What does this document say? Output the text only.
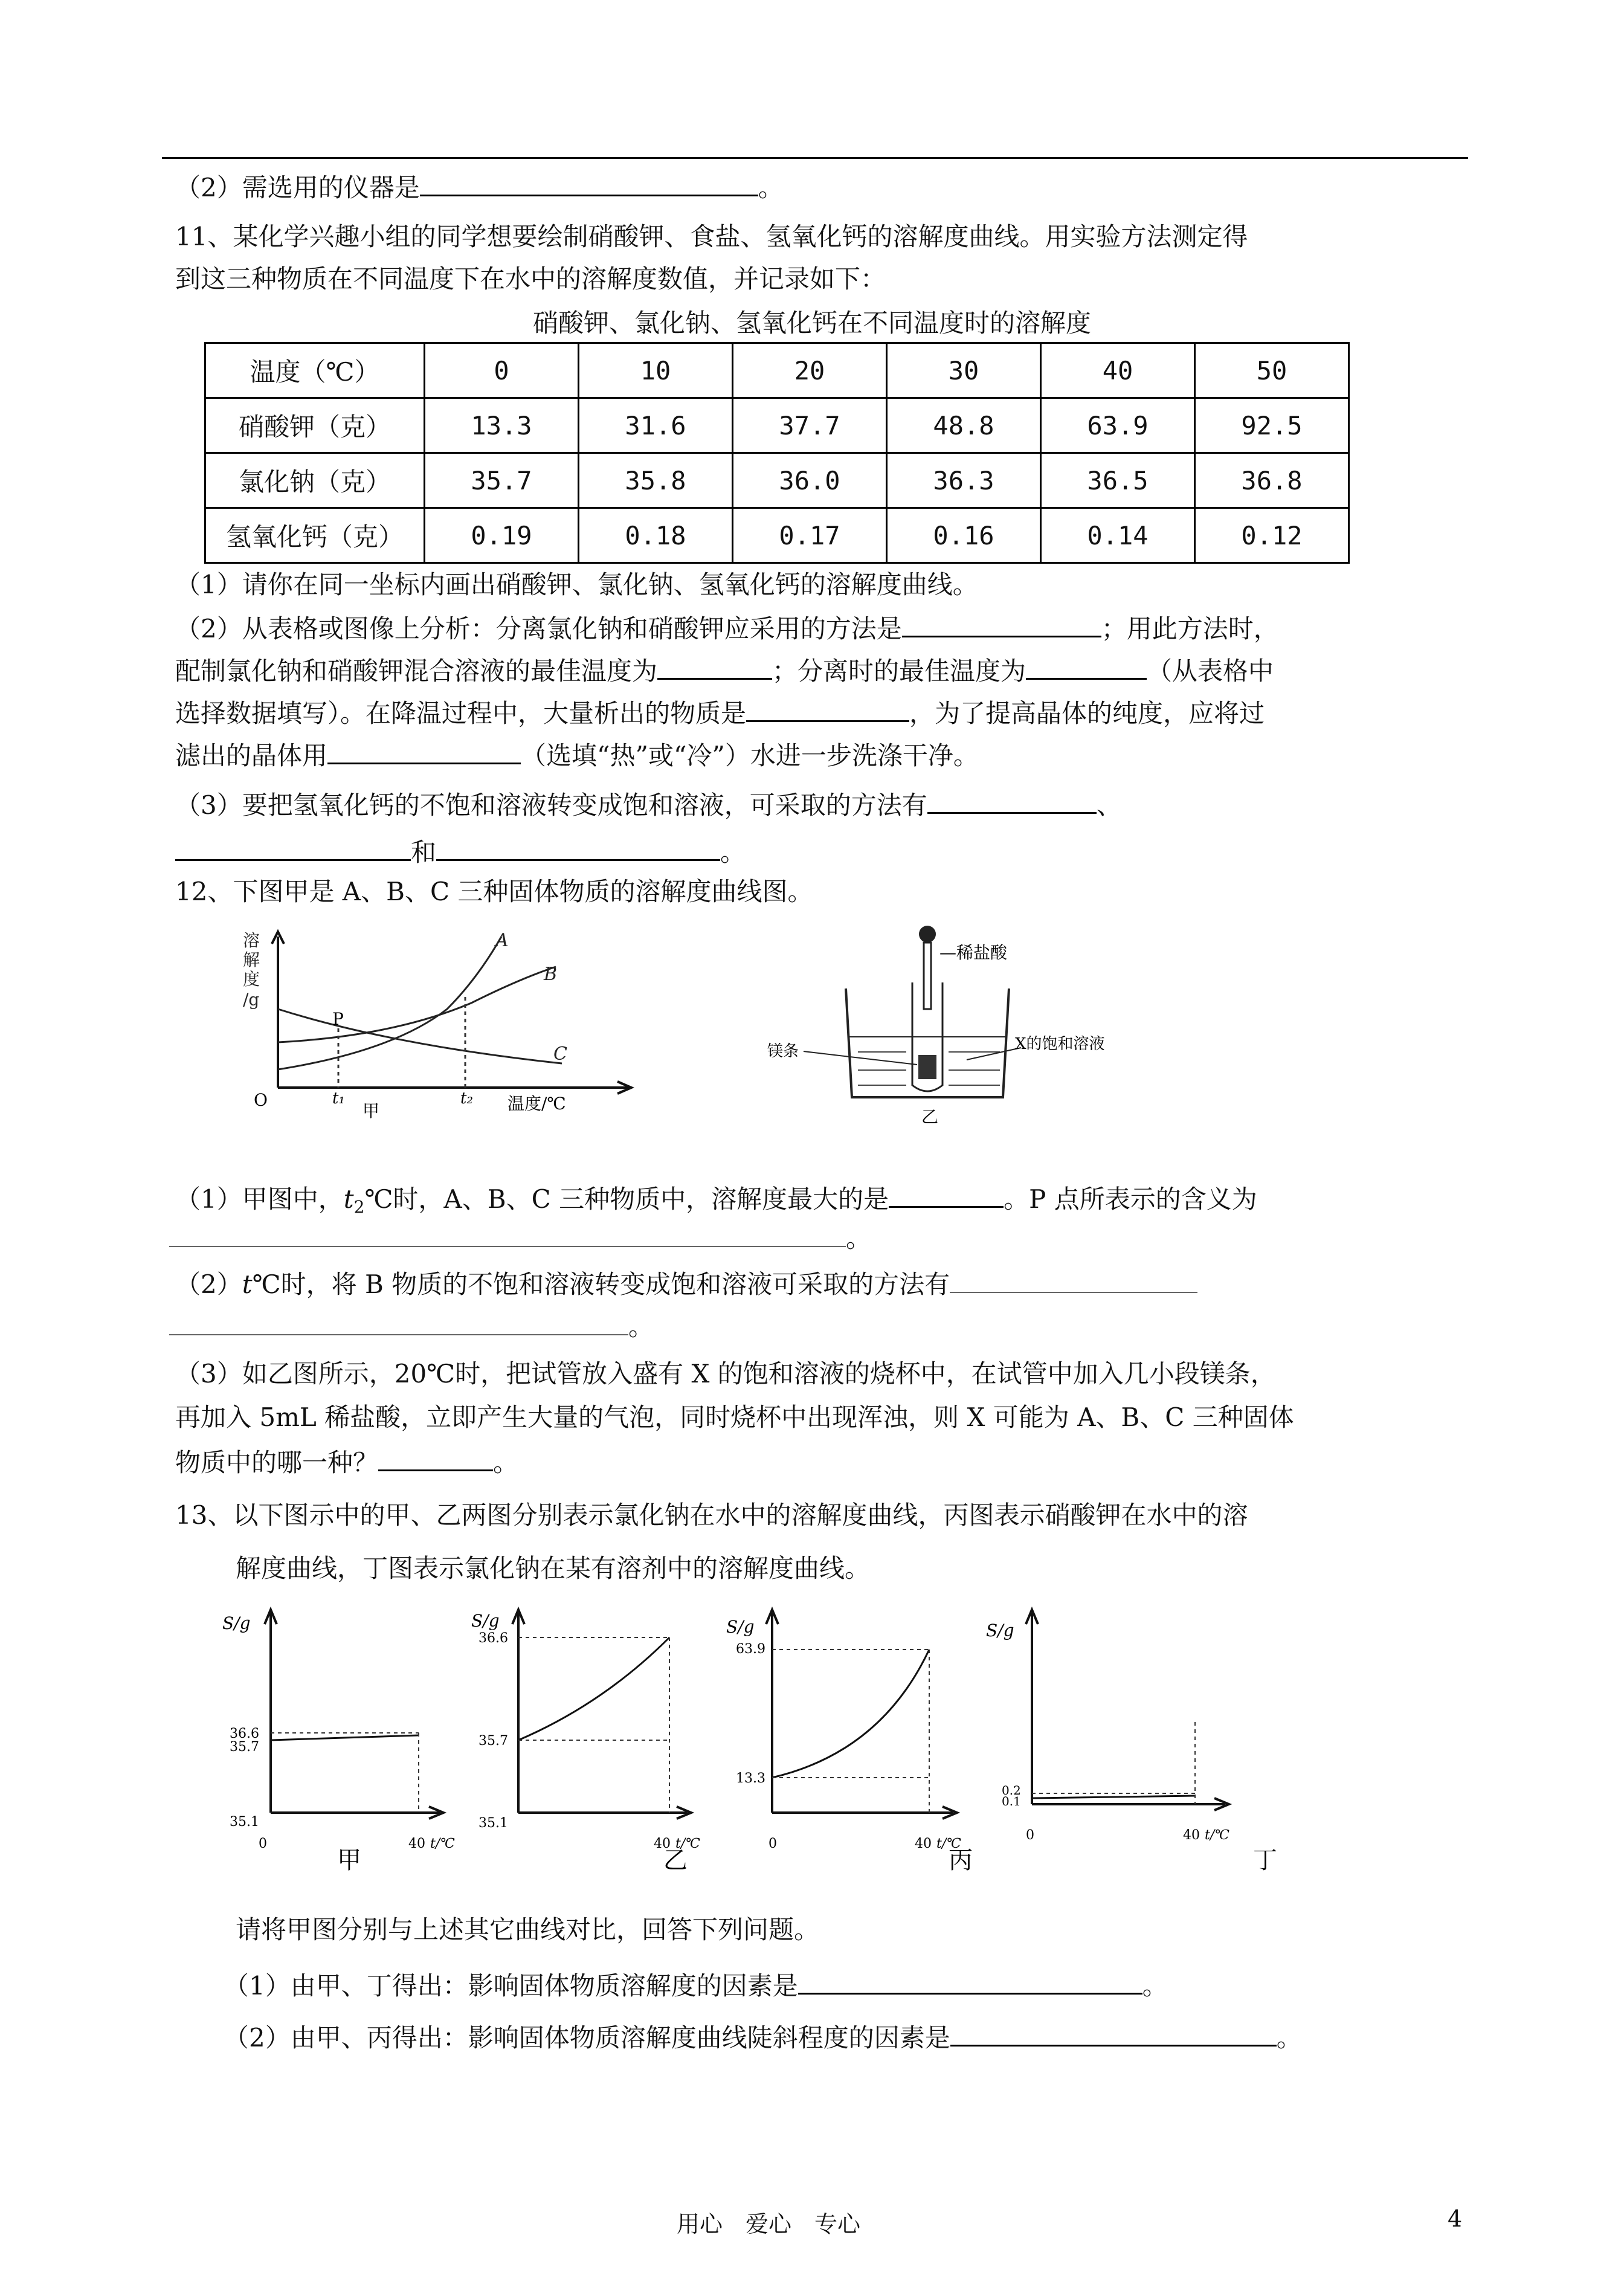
（2）需选用的仪器是	。
11、某化学兴趣小组的同学想要绘制硝酸钾、食盐、氢氧化钙的溶解度曲线。用实验方法测定得
到这三种物质在不同温度下在水中的溶解度数值，并记录如下：
硝酸钾、氯化钠、氢氧化钙在不同温度时的溶解度
温度（℃）	0	10	20	30	40	50
硝酸钾（克）	13.3	31.6	37.7	48.8	63.9	92.5
氯化钠（克）	35.7	35.8	36.0	36.3	36.5	36.8
氢氧化钙（克）	0.19	0.18	0.17	0.16	0.14	0.12
（1）请你在同一坐标内画出硝酸钾、氯化钠、氢氧化钙的溶解度曲线。
（2）从表格或图像上分析：分离氯化钠和硝酸钾应采用的方法是	；用此方法时，
配制氯化钠和硝酸钾混合溶液的最佳温度为	；分离时的最佳温度为	（从表格中
选择数据填写）。在降温过程中，大量析出的物质是	，为了提高晶体的纯度，应将过
滤出的晶体用	（选填“热”或“冷”）水进一步洗涤干净。
（3）要把氢氧化钙的不饱和溶液转变成饱和溶液，可采取的方法有	、
和	。
12、下图甲是 A、B、C 三种固体物质的溶解度曲线图。
溶
解
度
/g
A
B
C
P
O	t₁	t₂ 温度/℃
甲
—稀盐酸
镁条	X的饱和溶液
乙
（1）甲图中，$t_2℃$时，A、B、C 三种物质中，溶解度最大的是	。P 点所表示的含义为
。
（2）t℃时，将 B 物质的不饱和溶液转变成饱和溶液可采取的方法有
。
（3）如乙图所示，20℃时，把试管放入盛有 X 的饱和溶液的烧杯中，在试管中加入几小段镁条，
再加入 5mL 稀盐酸，立即产生大量的气泡，同时烧杯中出现浑浊，则 X 可能为 A、B、C 三种固体
物质中的哪一种？	。
13、以下图示中的甲、乙两图分别表示氯化钠在水中的溶解度曲线，丙图表示硝酸钾在水中的溶
解度曲线，丁图表示氯化钠在某有溶剂中的溶解度曲线。
S/g
36.6
35.7
35.1
0	40 t/℃
甲
S/g
36.6
35.7
35.1
40 t/℃
乙
S/g
63.9
13.3
0	40 t/℃
丙
S/g
0.2
0.1
0	40 t/℃
丁
请将甲图分别与上述其它曲线对比，回答下列问题。
（1）由甲、丁得出：影响固体物质溶解度的因素是	。
（2）由甲、丙得出：影响固体物质溶解度曲线陡斜程度的因素是	。
用心　爱心　专心	4
